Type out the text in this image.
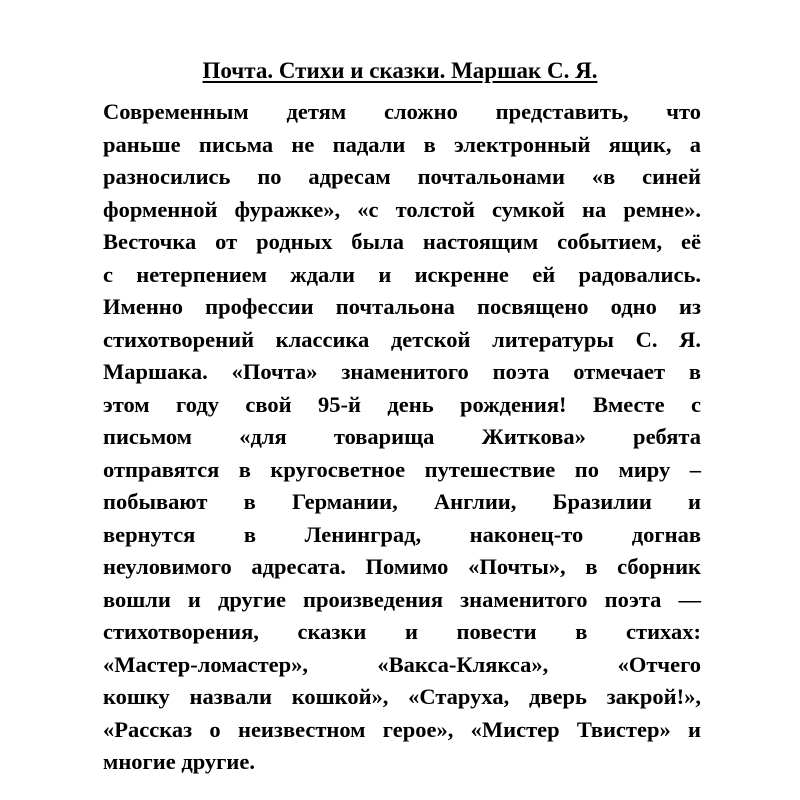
Почта. Стихи и сказки. Маршак С. Я.
Современным детям сложно представить, что
раньше письма не падали в электронный ящик, а
разносились по адресам почтальонами «в синей
форменной фуражке», «с толстой сумкой на ремне».
Весточка от родных была настоящим событием, её
с нетерпением ждали и искренне ей радовались.
Именно профессии почтальона посвящено одно из
стихотворений классика детской литературы С. Я.
Маршака. «Почта» знаменитого поэта отмечает в
этом году свой 95-й день рождения! Вместе с
письмом «для товарища Житкова» ребята
отправятся в кругосветное путешествие по миру –
побывают в Германии, Англии, Бразилии и
вернутся в Ленинград, наконец-то догнав
неуловимого адресата. Помимо «Почты», в сборник
вошли и другие произведения знаменитого поэта —
стихотворения, сказки и повести в стихах:
«Мастер-ломастер», «Вакса-Клякса», «Отчего
кошку назвали кошкой», «Старуха, дверь закрой!»,
«Рассказ о неизвестном герое», «Мистер Твистер» и
многие другие.
